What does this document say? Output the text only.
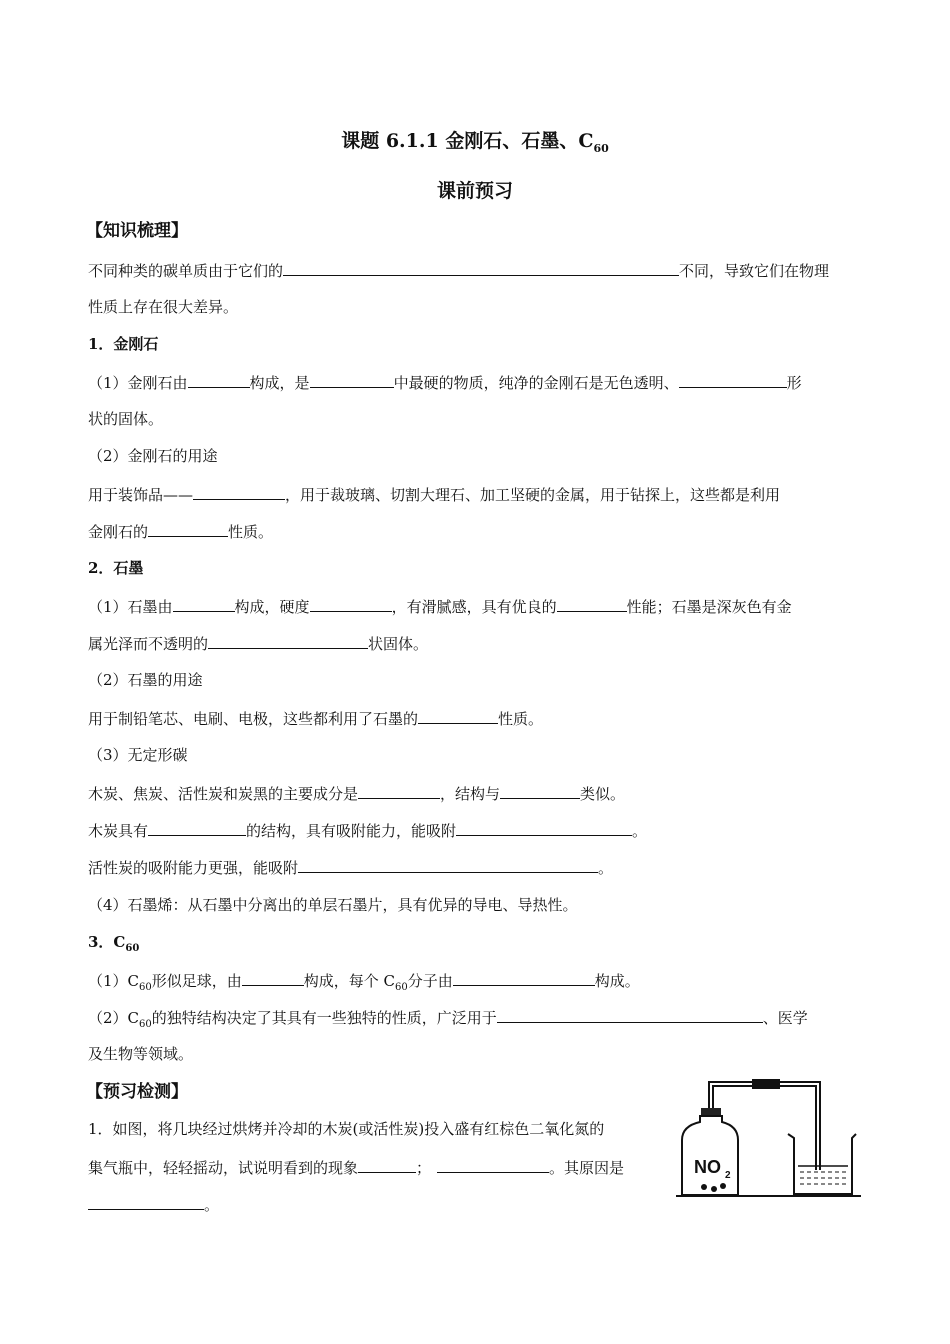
课题 6.1.1 金刚石、石墨、$C_{60}$
课前预习
【知识梳理】
不同种类的碳单质由于它们的	不同，导致它们在物理
性质上存在很大差异。
1．金刚石
（1）金刚石由	构成，是	中最硬的物质，纯净的金刚石是无色透明、	形
状的固体。
（2）金刚石的用途
用于装饰品——	，用于裁玻璃、切割大理石、加工坚硬的金属，用于钻探上，这些都是利用
金刚石的	性质。
2．石墨
（1）石墨由	构成，硬度	，有滑腻感，具有优良的	性能；石墨是深灰色有金
属光泽而不透明的	状固体。
（2）石墨的用途
用于制铅笔芯、电刷、电极，这些都利用了石墨的	性质。
（3）无定形碳
木炭、焦炭、活性炭和炭黑的主要成分是	，结构与	类似。
木炭具有	的结构，具有吸附能力，能吸附	。
活性炭的吸附能力更强，能吸附	。
（4）石墨烯：从石墨中分离出的单层石墨片，具有优异的导电、导热性。
3．$C_{60}$
$(1)C_{60}$形似足球，由	构成，每个 $C_{60}$分子由	构成。
$(2)C_{60}$的独特结构决定了其具有一些独特的性质，广泛用于	、医学
及生物等领域。
【预习检测】
1．如图，将几块经过烘烤并冷却的木炭(或活性炭)投入盛有红棕色二氧化氮的
集气瓶中，轻轻摇动，试说明看到的现象	；	。其原因是
。
NO 2
